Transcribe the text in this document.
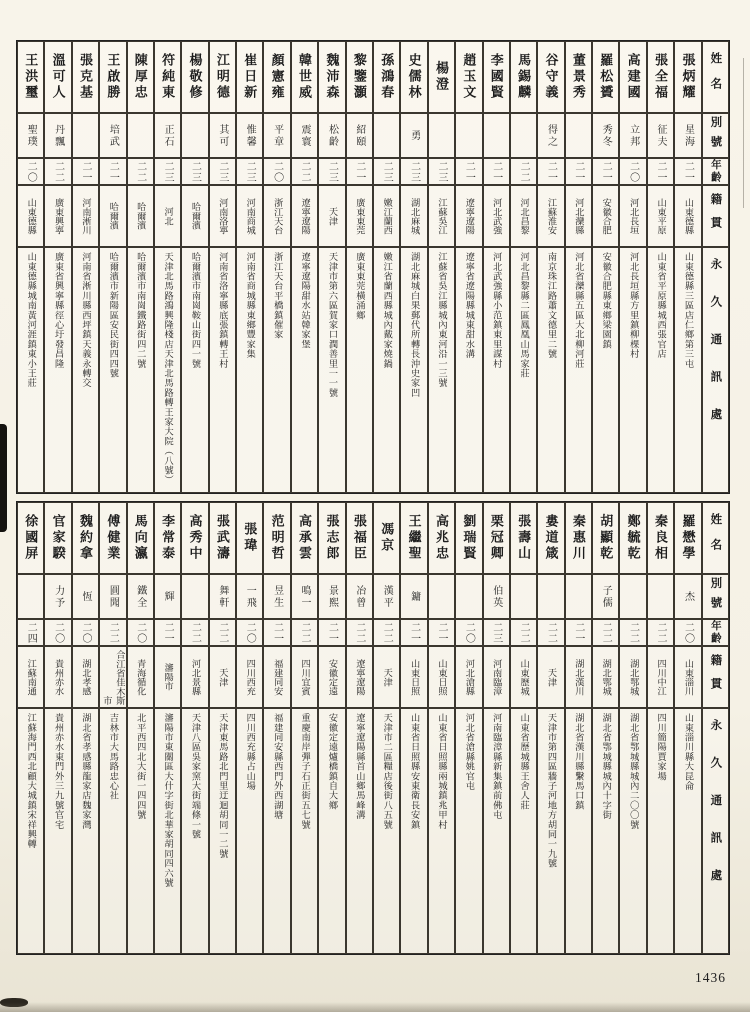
姓名
別號
年齡
籍貫
永久通訊處
張炳耀
星海
二一
山東德縣
山東德縣三區店仁鄉第三屯
張全福
征夫
二一
山東平原
山東省平原縣城西張官店
高建國
立邦
二〇
河北長垣
河北長垣縣方里鎮柳棵村
羅松贇
秀冬
二一
安徽合肥
安徽合肥縣東鄉梁園鎮
董景秀
二一
河北灤縣
河北省灤縣五區大北柳河莊
谷守義
得之
二一
江蘇淮安
南京珠江路蕭文德里二號
馬錫麟
二二
河北昌黎
河北昌黎縣二區鳳凰山馬家莊
李國賢
二一
河北武強
河北武強縣小范鎮東里謀村
趙玉文
二一
遼寧遼陽
遼寧省遼陽縣城東甜水溝
楊澄
二三
江蘇吳江
江蘇省吳江縣城內東河沿一三號
史儒林
勇
二三
湖北麻城
湖北麻城白果郵代所轉長沖史家凹
孫鴻春
二三
嫩江蘭西
嫩江省蘭西縣城內戴家燒鍋
黎鑒灝
紹頤
二一
廣東東莞
廣東東莞橫涌鄉
魏沛森
松齡
二三
天津
天津市第六區賀家口潤善里一一號
韓世威
震寰
二二
遼寧遼陽
遼寧遼陽甜水站韓家堡
顏憲雍
平章
二〇
浙江天台
浙江天台平橋鎮催家
崔日新
惟馨
二三
河南商城
河南省商城縣東鄉豐家集
江明德
其可
二三
河南洛寧
河南省洛寧縣底張鎮轉王村
楊敬修
二三
哈爾濱
哈爾濱市南崗鞍山街四一號
符純東
正石
二三
河北
天津北馬路鴻興隆棧店天津北馬路轉王家大院（八號）
陳厚忠
二二
哈爾濱
哈爾濱市南崗鐵路街四二號
王啟勝
培武
二一
哈爾濱
哈爾濱市新陽區安民街四四號
張克基
二一
河南淅川
河南省淅川縣西坪鎮天義永轉交
溫可人
丹飄
二二
廣東興寧
廣東省興寧縣徑心圩發昌隆
王洪璽
聖璞
二〇
山東德縣
山東德縣城南黃河涯鎮東小王莊
姓名
別號
年齡
籍貫
永久通訊處
羅懋學
杰
二〇
山東淄川
山東淄川縣大昆侖
秦良相
二二
四川中江
四川簡陽賈家場
鄭毓乾
二二
湖北鄂城
湖北省鄂城縣城內二〇〇號
胡顯乾
子儒
二二
湖北鄂城
湖北省鄂城縣城內十字街
秦惠川
二一
湖北漢川
湖北省漢川縣繫馬口鎮
婁道箴
二二
天津
天津市第四區牆子河地方胡同一九號
張壽山
二二
山東歷城
山東省歷城縣王舍人莊
栗冠卿
伯英
二三
河南臨漳
河南臨漳縣新集鎮前佛屯
劉瑞賢
二〇
河北滄縣
河北省滄縣姚官屯
高兆忠
二一
山東日照
山東省日照縣兩城鎮兆甲村
王繼聖
鏞
二一
山東日照
山東省日照縣安東衛長安鎮
馮京
漢平
二二
天津
天津市二區糧店後街八五號
張福臣
冶曾
二二
遼寧遼陽
遼寧遼陽縣首山鄉馬峰溝
張志郎
景熙
二一
安徽定遠
安徽定遠爐橋鎮自大鄉
高承雲
鳴一
二二
四川宜賓
重慶南岸彈子石正街五七號
范明哲
昱生
二一
福建同安
福建同安縣西門外西湖塘
張瑋
一飛
二〇
四川西充
四川西充縣占山場
張武濤
舞軒
二二
天津
天津東馬路北門里迂迴胡同一二號
高秀中
二二
河北景縣
天津八區吳家窯大街端條一號
李常泰
輝
二一
瀋陽市
瀋陽市東關區大什字街北華家胡同四六號
馬向瀛
鐵全
二〇
青海循化
北平西四北大街一四四號
傅健業
圓聞
二二
合江省佳木斯市
吉林市大馬路忠心社
魏約拿
恆
二〇
湖北孝感
湖北省孝感縣龍家店魏家灣
官家騤
力予
二〇
貴州赤水
貴州赤水東門外三九號官宅
徐國屏
二四
江蘇南通
江蘇海門西北顧大城鎮宋祥興轉
1436
